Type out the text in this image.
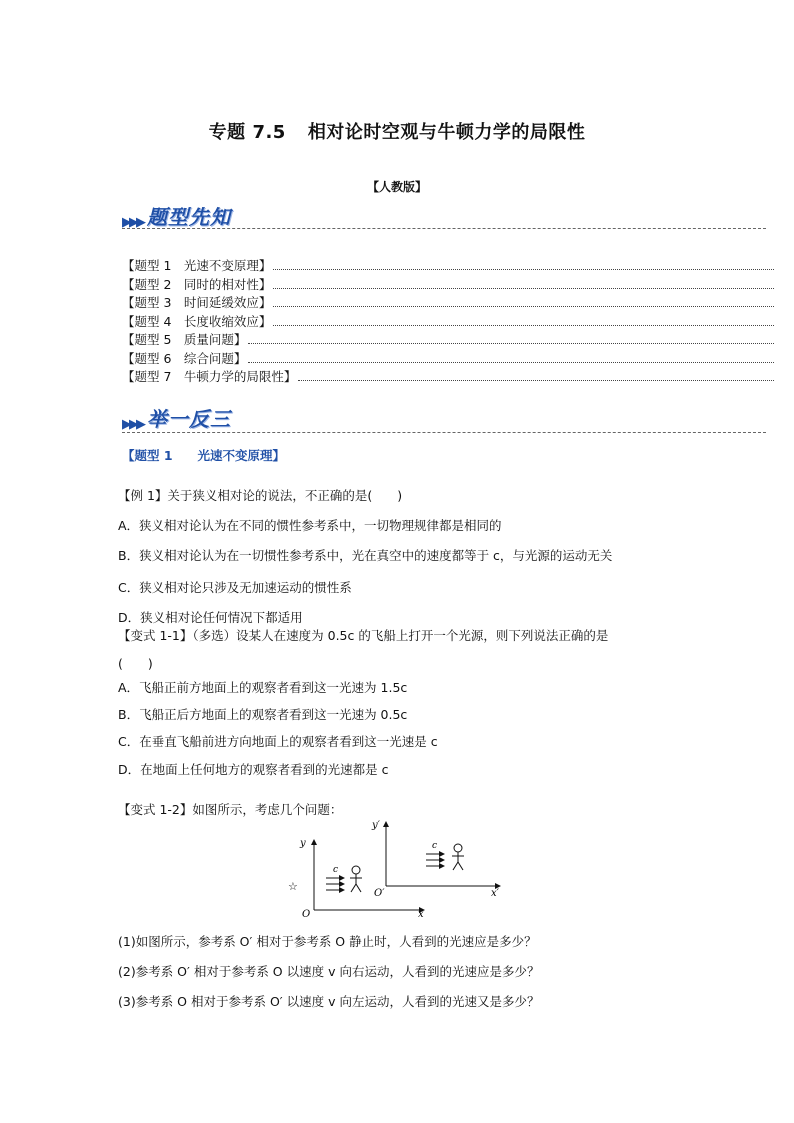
专题 7.5 相对论时空观与牛顿力学的局限性
【人教版】
▶▶▶ 题型先知
【题型 1　光速不变原理】
【题型 2　同时的相对性】
【题型 3　时间延缓效应】
【题型 4　长度收缩效应】
【题型 5　质量问题】
【题型 6　综合问题】
【题型 7　牛顿力学的局限性】
▶▶▶ 举一反三
【题型 1　　光速不变原理】
【例 1】关于狭义相对论的说法，不正确的是(　　)
A．狭义相对论认为在不同的惯性参考系中，一切物理规律都是相同的
B．狭义相对论认为在一切惯性参考系中，光在真空中的速度都等于 c，与光源的运动无关
C．狭义相对论只涉及无加速运动的惯性系
D．狭义相对论任何情况下都适用
【变式 1-1】（多选）设某人在速度为 0.5c 的飞船上打开一个光源，则下列说法正确的是
(　　)
A．飞船正前方地面上的观察者看到这一光速为 1.5c
B．飞船正后方地面上的观察者看到这一光速为 0.5c
C．在垂直飞船前进方向地面上的观察者看到这一光速是 c
D．在地面上任何地方的观察者看到的光速都是 c
【变式 1-2】如图所示，考虑几个问题：
y
x
O
☆
y′
x′
O′
c
c
(1)如图所示，参考系 O′ 相对于参考系 O 静止时，人看到的光速应是多少？
(2)参考系 O′ 相对于参考系 O 以速度 v 向右运动，人看到的光速应是多少？
(3)参考系 O 相对于参考系 O′ 以速度 v 向左运动，人看到的光速又是多少？
